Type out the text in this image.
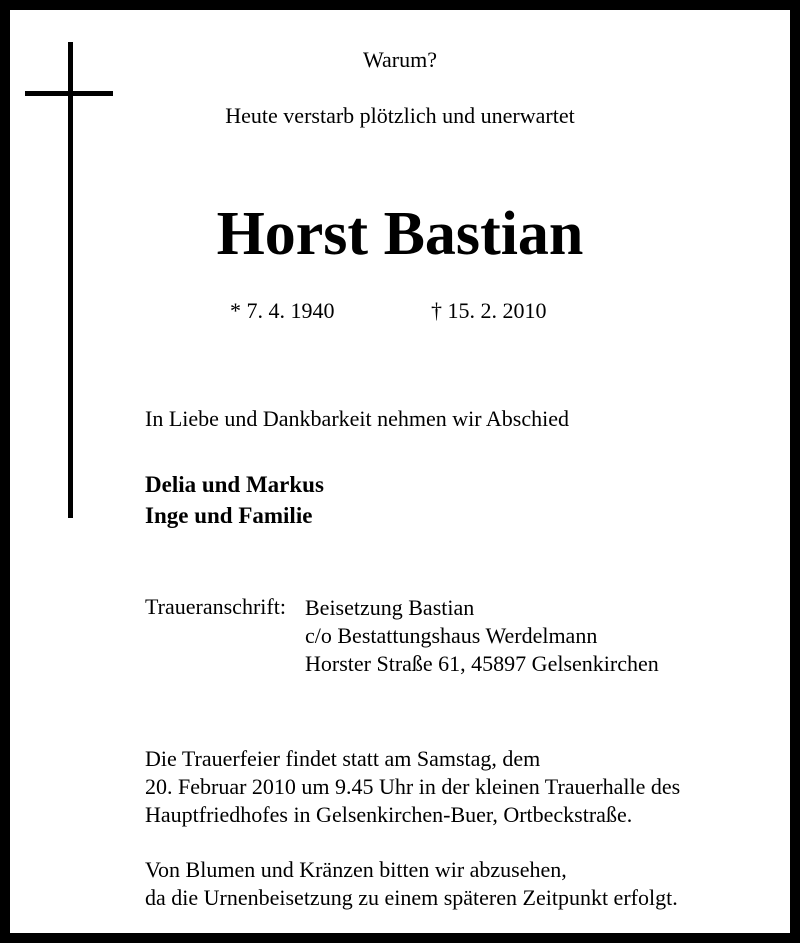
Warum?
Heute verstarb plötzlich und unerwartet
Horst Bastian
* 7. 4. 1940	† 15. 2. 2010
In Liebe und Dankbarkeit nehmen wir Abschied
Delia und Markus
Inge und Familie
Traueranschrift: Beisetzung Bastian
c/o Bestattungshaus Werdelmann
Horster Straße 61, 45897 Gelsenkirchen
Die Trauerfeier findet statt am Samstag, dem
20. Februar 2010 um 9.45 Uhr in der kleinen Trauerhalle des
Hauptfriedhofes in Gelsenkirchen-Buer, Ortbeckstraße.
Von Blumen und Kränzen bitten wir abzusehen,
da die Urnenbeisetzung zu einem späteren Zeitpunkt erfolgt.
